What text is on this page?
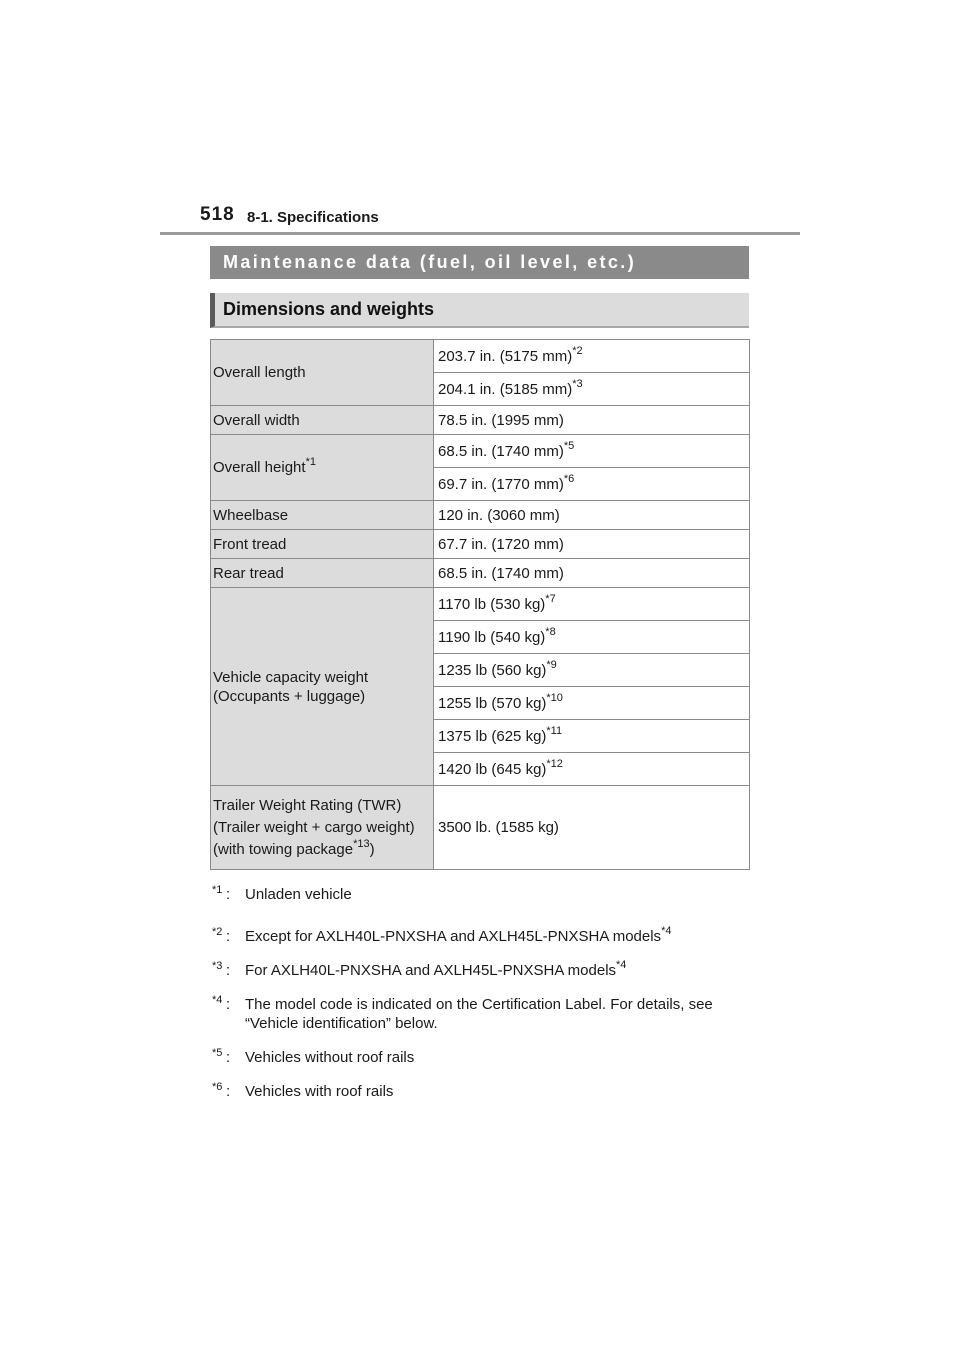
518 8-1. Specifications
Maintenance data (fuel, oil level, etc.)
Dimensions and weights
Overall length	203.7 in. (5175 mm)$^{*2}$
	204.1 in. (5185 mm)$^{*3}$
Overall width	78.5 in. (1995 mm)
Overall height$^{*1}$	68.5 in. (1740 mm)$^{*5}$
	69.7 in. (1770 mm)$^{*6}$
Wheelbase	120 in. (3060 mm)
Front tread	67.7 in. (1720 mm)
Rear tread	68.5 in. (1740 mm)

Vehicle capacity weight
(Occupants + luggage)	1170 lb (530 kg)$^{*7}$
	1190 lb (540 kg)$^{*8}$
	1235 lb (560 kg)$^{*9}$
	1255 lb (570 kg)$^{*10}$
	1375 lb (625 kg)$^{*11}$
	1420 lb (645 kg)$^{*12}$

Trailer Weight Rating (TWR)
(Trailer weight + cargo weight)
(with towing package$^{*13}$)	3500 lb. (1585 kg)
*1 : Unladen vehicle
*2 : Except for AXLH40L-PNXSHA and AXLH45L-PNXSHA models$^{*4}$
*3 : For AXLH40L-PNXSHA and AXLH45L-PNXSHA models$^{*4}$
*4 : The model code is indicated on the Certification Label. For details, see “Vehicle identification” below.
*5 : Vehicles without roof rails
*6 : Vehicles with roof rails
